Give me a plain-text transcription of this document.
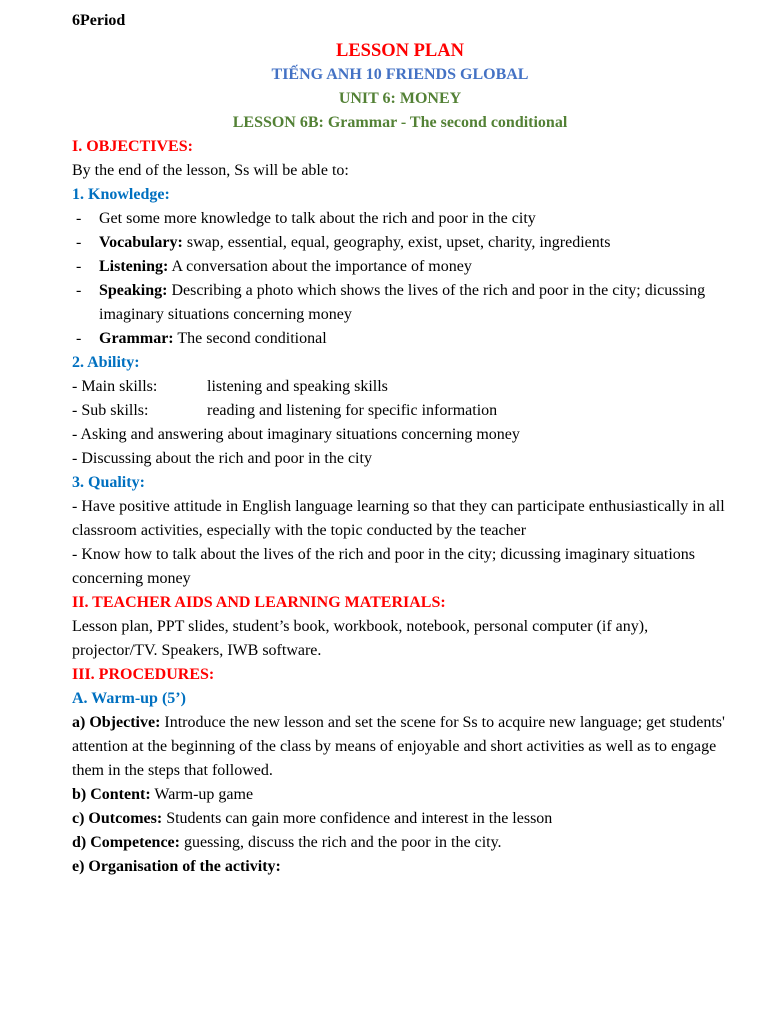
6Period
LESSON PLAN
TIẾNG ANH 10 FRIENDS GLOBAL
UNIT 6: MONEY
LESSON 6B: Grammar - The second conditional
I. OBJECTIVES:
By the end of the lesson, Ss will be able to:
1. Knowledge:
- Get some more knowledge to talk about the rich and poor in the city
- Vocabulary: swap, essential, equal, geography, exist, upset, charity, ingredients
- Listening: A conversation about the importance of money
- Speaking: Describing a photo which shows the lives of the rich and poor in the city; dicussing imaginary situations concerning money
- Grammar: The second conditional
2. Ability:
- Main skills:	listening and speaking skills
- Sub skills:	reading and listening for specific information
- Asking and answering about imaginary situations concerning money
- Discussing about the rich and poor in the city
3. Quality:
- Have positive attitude in English language learning so that they can participate enthusiastically in all classroom activities, especially with the topic conducted by the teacher
- Know how to talk about the lives of the rich and poor in the city; dicussing imaginary situations concerning money
II. TEACHER AIDS AND LEARNING MATERIALS:
Lesson plan, PPT slides, student’s book, workbook, notebook, personal computer (if any), projector/TV. Speakers, IWB software.
III. PROCEDURES:
A. Warm-up (5’)
a) Objective: Introduce the new lesson and set the scene for Ss to acquire new language; get students' attention at the beginning of the class by means of enjoyable and short activities as well as to engage them in the steps that followed.
b) Content: Warm-up game
c) Outcomes: Students can gain more confidence and interest in the lesson
d) Competence: guessing, discuss the rich and the poor in the city.
e) Organisation of the activity:
